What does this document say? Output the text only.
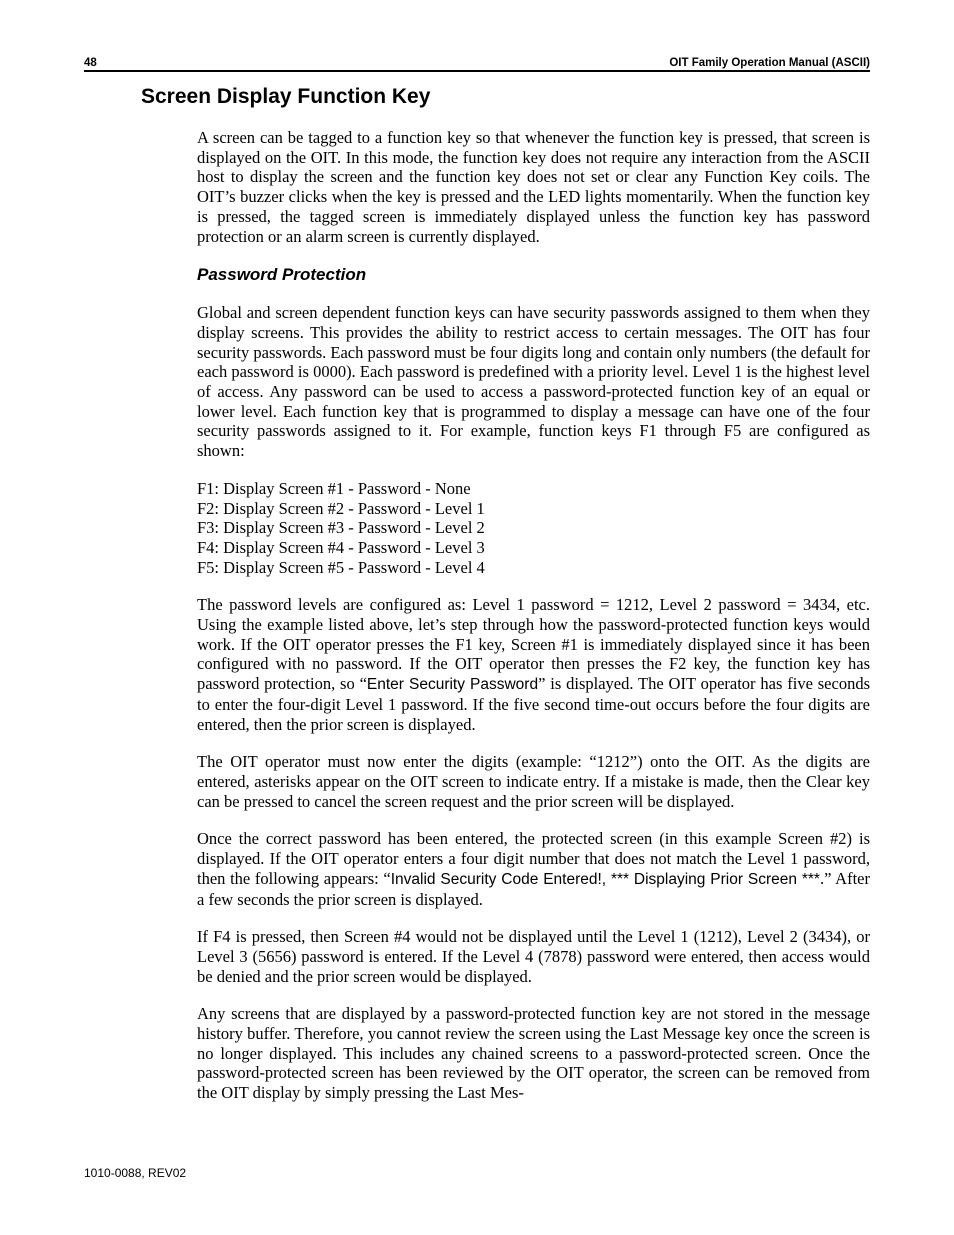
48	OIT Family Operation Manual (ASCII)
Screen Display Function Key

A screen can be tagged to a function key so that whenever the function key is pressed, that screen is displayed on the OIT. In this mode, the function key does not require any interaction from the ASCII host to display the screen and the function key does not set or clear any Function Key coils. The OIT’s buzzer clicks when the key is pressed and the LED lights momentarily. When the function key is pressed, the tagged screen is immediately displayed unless the function key has password protection or an alarm screen is currently displayed.

Password Protection

Global and screen dependent function keys can have security passwords assigned to them when they display screens. This provides the ability to restrict access to certain messages. The OIT has four security passwords. Each password must be four digits long and contain only numbers (the default for each password is 0000). Each password is predefined with a priority level. Level 1 is the highest level of access. Any password can be used to access a password-protected function key of an equal or lower level. Each function key that is programmed to display a message can have one of the four security passwords assigned to it. For example, function keys F1 through F5 are configured as shown:

F1: Display Screen #1 - Password - None
F2: Display Screen #2 - Password - Level 1
F3: Display Screen #3 - Password - Level 2
F4: Display Screen #4 - Password - Level 3
F5: Display Screen #5 - Password - Level 4

The password levels are configured as: Level 1 password = 1212, Level 2 password = 3434, etc. Using the example listed above, let’s step through how the password-protected function keys would work. If the OIT operator presses the F1 key, Screen #1 is immediately displayed since it has been configured with no password. If the OIT operator then presses the F2 key, the function key has password protection, so “Enter Security Password” is displayed. The OIT operator has five seconds to enter the four-digit Level 1 password. If the five second time-out occurs before the four digits are entered, then the prior screen is displayed.

The OIT operator must now enter the digits (example: “1212”) onto the OIT. As the digits are entered, asterisks appear on the OIT screen to indicate entry. If a mistake is made, then the Clear key can be pressed to cancel the screen request and the prior screen will be displayed.

Once the correct password has been entered, the protected screen (in this example Screen #2) is displayed. If the OIT operator enters a four digit number that does not match the Level 1 password, then the following appears: “Invalid Security Code Entered!, *** Displaying Prior Screen ***.” After a few seconds the prior screen is displayed.

If F4 is pressed, then Screen #4 would not be displayed until the Level 1 (1212), Level 2 (3434), or Level 3 (5656) password is entered. If the Level 4 (7878) password were entered, then access would be denied and the prior screen would be displayed.

Any screens that are displayed by a password-protected function key are not stored in the message history buffer. Therefore, you cannot review the screen using the Last Message key once the screen is no longer displayed. This includes any chained screens to a password-protected screen. Once the password-protected screen has been reviewed by the OIT operator, the screen can be removed from the OIT display by simply pressing the Last Mes-

1010-0088, REV02
